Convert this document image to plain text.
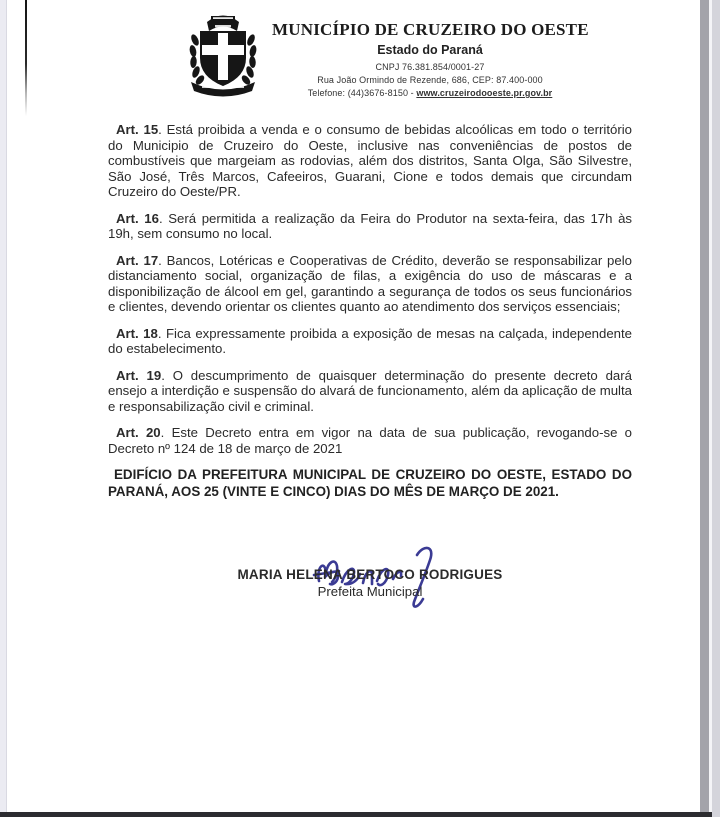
MUNICÍPIO DE CRUZEIRO DO OESTE
Estado do Paraná
CNPJ 76.381.854/0001-27
Rua João Ormindo de Rezende, 686, CEP: 87.400-000
Telefone: (44)3676-8150 - www.cruzeirodooeste.pr.gov.br

Art. 15. Está proibida a venda e o consumo de bebidas alcoólicas em todo o território do Municipio de Cruzeiro do Oeste, inclusive nas conveniências de postos de combustíveis que margeiam as rodovias, além dos distritos, Santa Olga, São Silvestre, São José, Três Marcos, Cafeeiros, Guarani, Cione e todos demais que circundam Cruzeiro do Oeste/PR.

Art. 16. Será permitida a realização da Feira do Produtor na sexta-feira, das 17h às 19h, sem consumo no local.

Art. 17. Bancos, Lotéricas e Cooperativas de Crédito, deverão se responsabilizar pelo distanciamento social, organização de filas, a exigência do uso de máscaras e a disponibilização de álcool em gel, garantindo a segurança de todos os seus funcionários e clientes, devendo orientar os clientes quanto ao atendimento dos serviços essenciais;

Art. 18. Fica expressamente proibida a exposição de mesas na calçada, independente do estabelecimento.

Art. 19. O descumprimento de quaisquer determinação do presente decreto dará ensejo a interdição e suspensão do alvará de funcionamento, além da aplicação de multa e responsabilização civil e criminal.

Art. 20. Este Decreto entra em vigor na data de sua publicação, revogando-se o Decreto nº 124 de 18 de março de 2021

EDIFÍCIO DA PREFEITURA MUNICIPAL DE CRUZEIRO DO OESTE, ESTADO DO PARANÁ, AOS 25 (VINTE E CINCO) DIAS DO MÊS DE MARÇO DE 2021.

MARIA HELENA BERTOCO RODRIGUES
Prefeita Municipal
